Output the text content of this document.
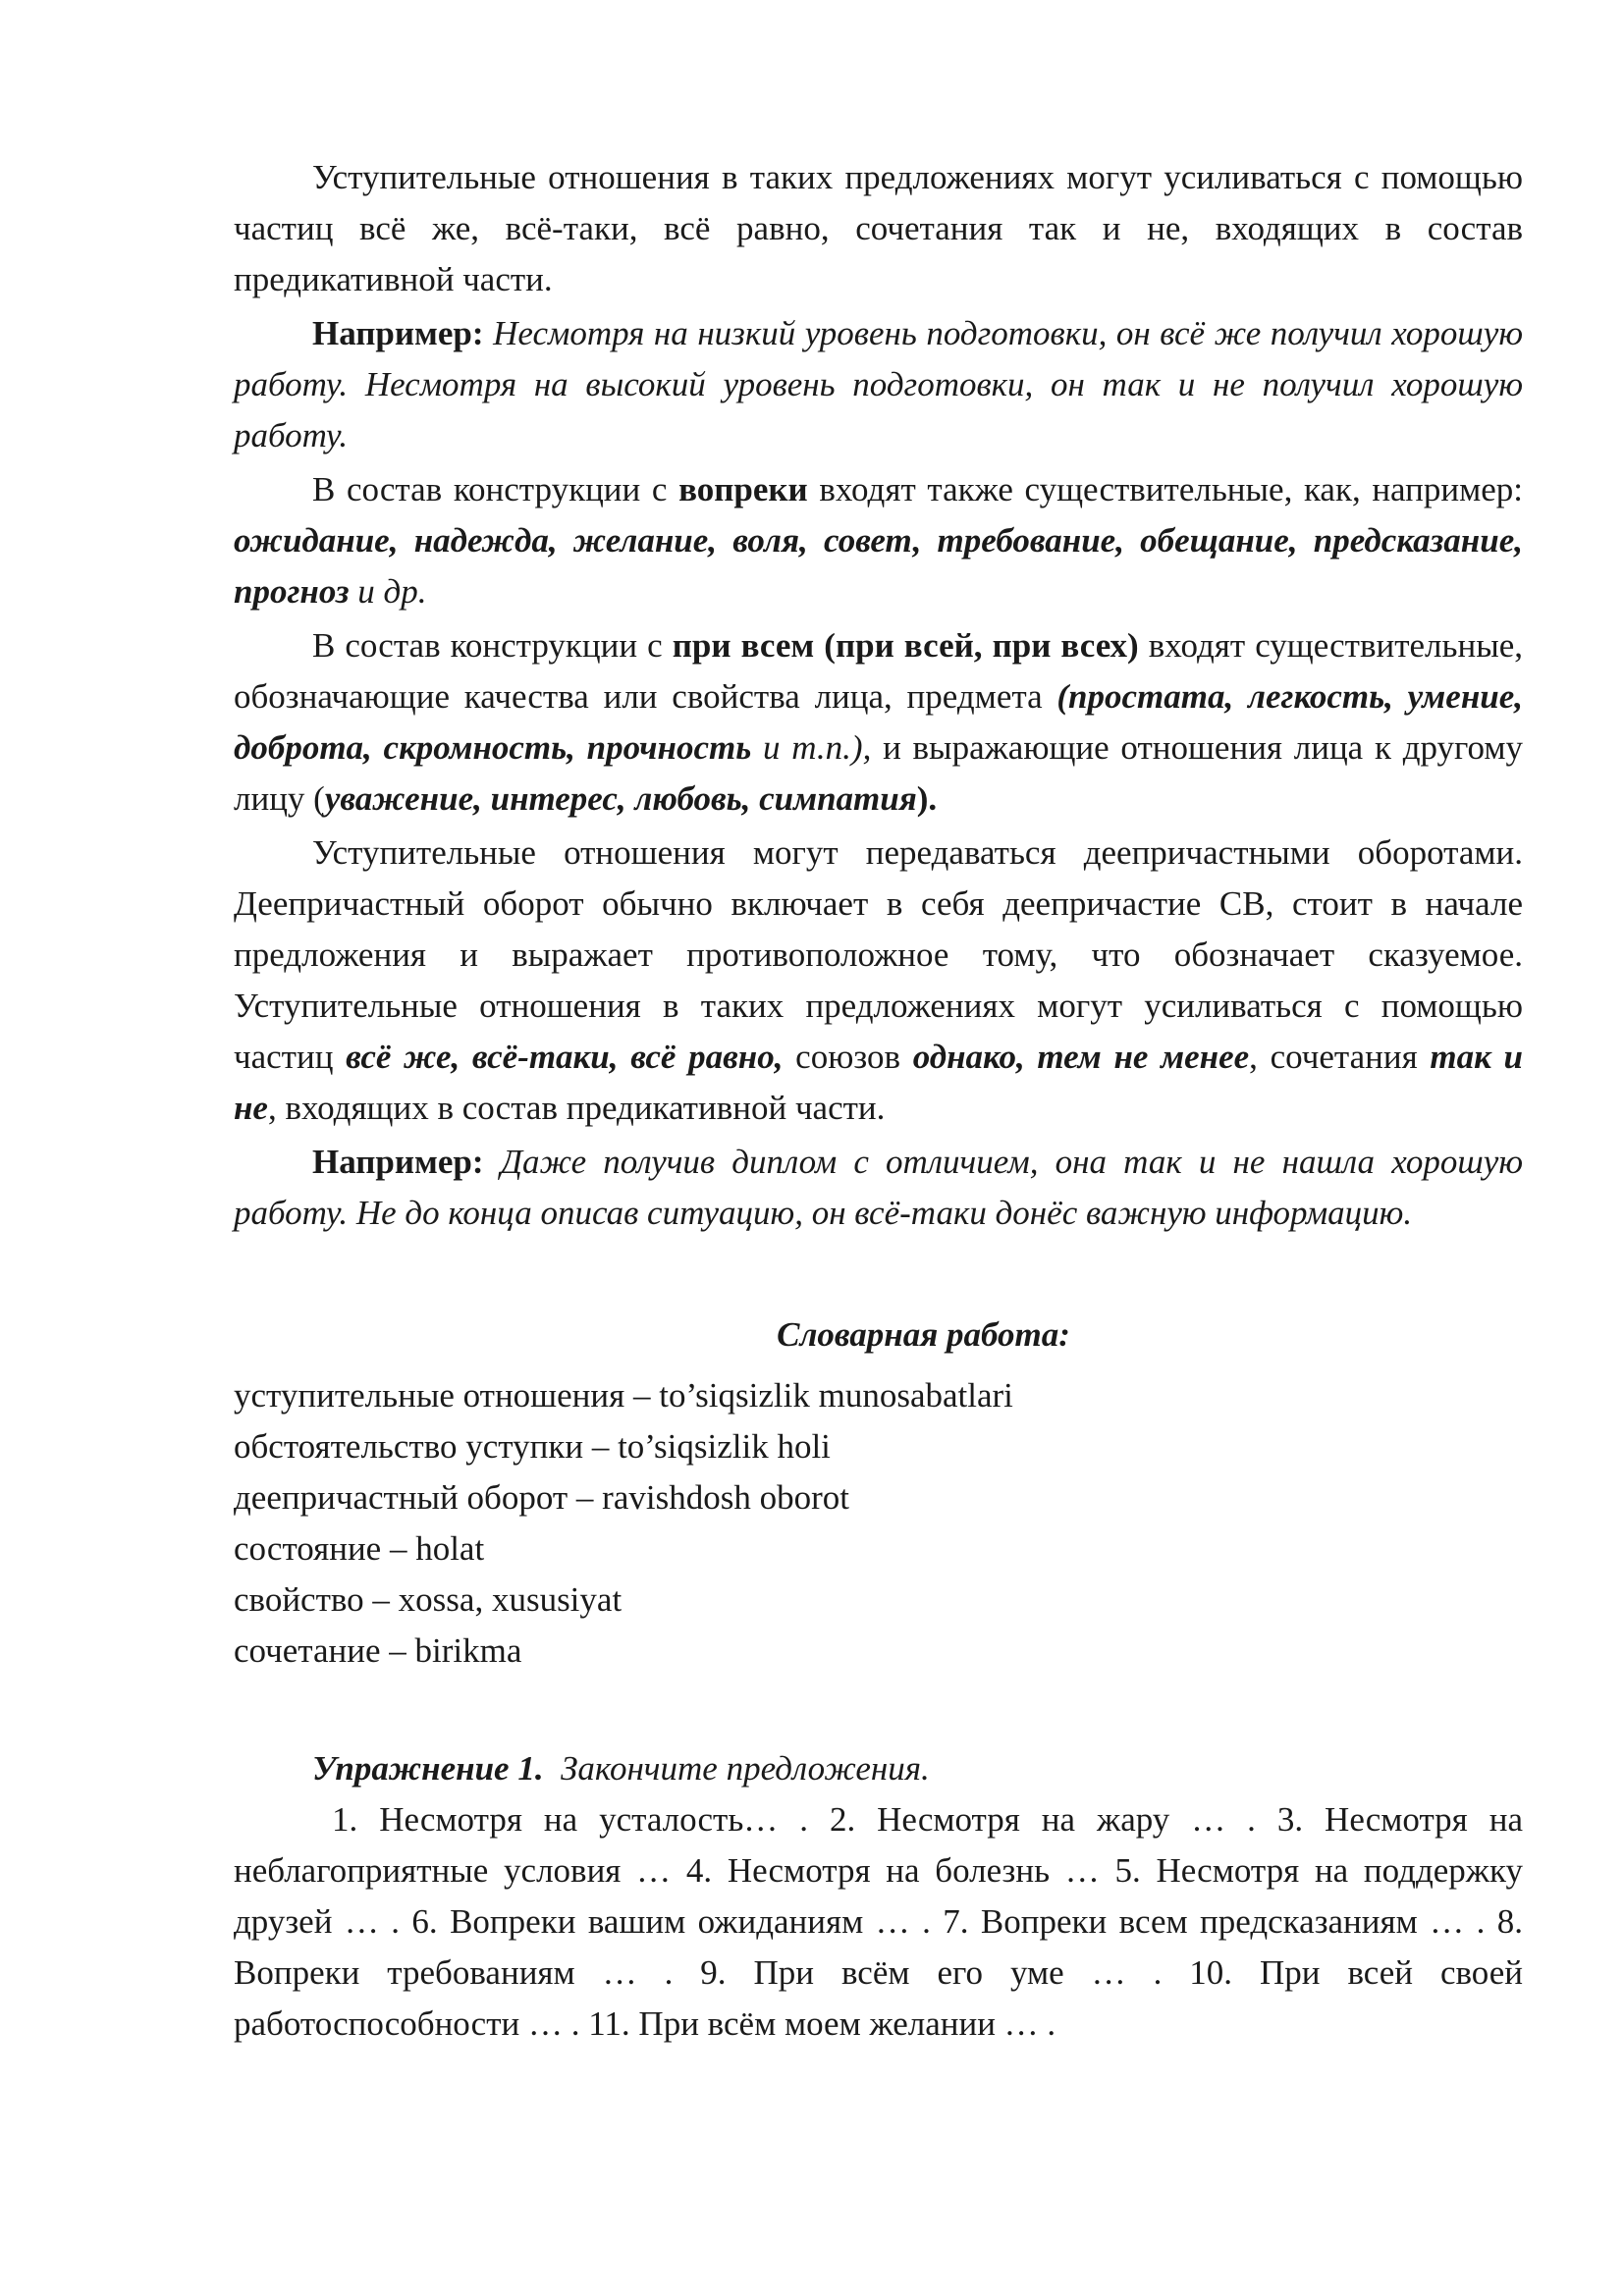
Уступительные отношения в таких предложениях могут усиливаться с помощью частиц всё же, всё-таки, всё равно, сочетания так и не, входящих в состав предикативной части.

Например: Несмотря на низкий уровень подготовки, он всё же получил хорошую работу. Несмотря на высокий уровень подготовки, он так и не получил хорошую работу.

В состав конструкции с вопреки входят также существительные, как, например: ожидание, надежда, желание, воля, совет, требование, обещание, предсказание, прогноз и др.

В состав конструкции с при всем (при всей, при всех) входят существительные, обозначающие качества или свойства лица, предмета (простата, легкость, умение, доброта, скромность, прочность и т.п.), и выражающие отношения лица к другому лицу (уважение, интерес, любовь, симпатия).

Уступительные отношения могут передаваться деепричастными оборотами. Деепричастный оборот обычно включает в себя деепричастие СВ, стоит в начале предложения и выражает противоположное тому, что обозначает сказуемое. Уступительные отношения в таких предложениях могут усиливаться с помощью частиц всё же, всё-таки, всё равно, союзов однако, тем не менее, сочетания так и не, входящих в состав предикативной части.

Например: Даже получив диплом с отличием, она так и не нашла хорошую работу. Не до конца описав ситуацию, он всё-таки донёс важную информацию.

Словарная работа:

уступительные отношения – to’siqsizlik munosabatlari

обстоятельство уступки – to’siqsizlik holi

деепричастный оборот – ravishdosh oborot

состояние – holat

свойство – xossa, xususiyat

сочетание – birikma

Упражнение 1. Закончите предложения.

1. Несмотря на усталость… . 2. Несмотря на жару … . 3. Несмотря на неблагоприятные условия … 4. Несмотря на болезнь … 5. Несмотря на поддержку друзей … . 6. Вопреки вашим ожиданиям … . 7. Вопреки всем предсказаниям … . 8. Вопреки требованиям … . 9. При всём его уме … . 10. При всей своей работоспособности … . 11. При всём моем желании … .
